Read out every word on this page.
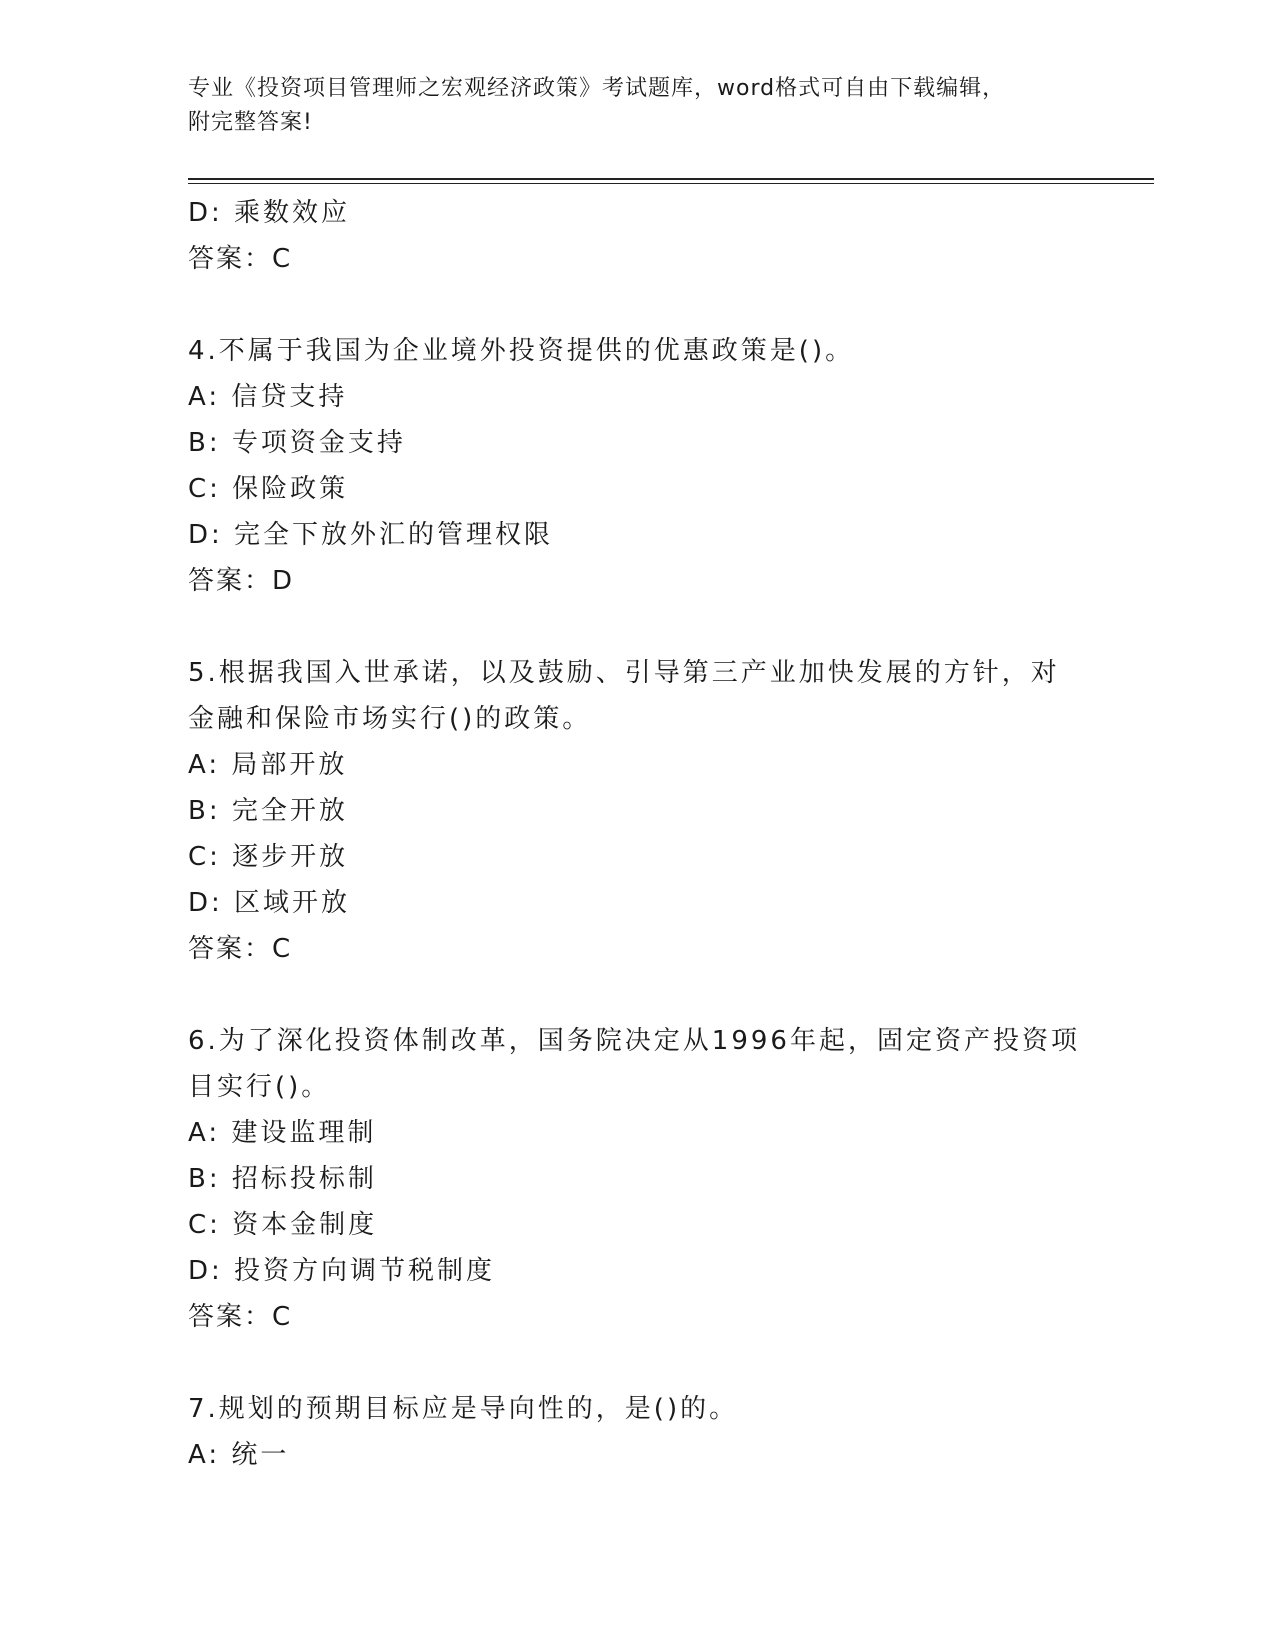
专业《投资项目管理师之宏观经济政策》考试题库，word格式可自由下载编辑，
附完整答案!
D: 乘数效应
答案：C
4.不属于我国为企业境外投资提供的优惠政策是()。
A: 信贷支持
B: 专项资金支持
C: 保险政策
D: 完全下放外汇的管理权限
答案：D
5.根据我国入世承诺，以及鼓励、引导第三产业加快发展的方针，对
金融和保险市场实行()的政策。
A: 局部开放
B: 完全开放
C: 逐步开放
D: 区域开放
答案：C
6.为了深化投资体制改革，国务院决定从1996年起，固定资产投资项
目实行()。
A: 建设监理制
B: 招标投标制
C: 资本金制度
D: 投资方向调节税制度
答案：C
7.规划的预期目标应是导向性的，是()的。
A: 统一
